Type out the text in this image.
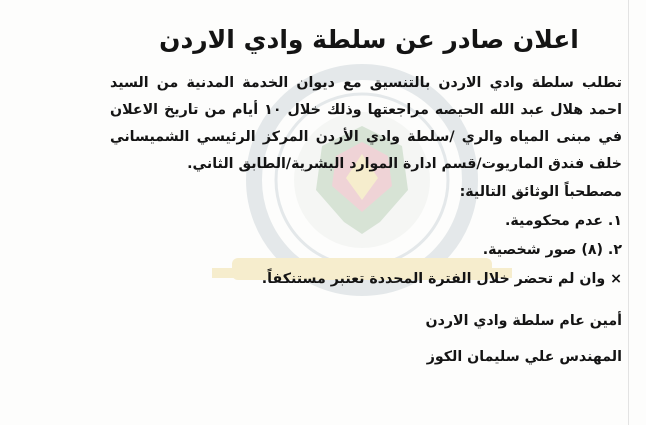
اعلان صادر عن سلطة وادي الاردن

تطلب سلطة وادي الاردن بالتنسيق مع ديوان الخدمة المدنية من السيد احمد هلال عبد الله الحيصه مراجعتها وذلك خلال ١٠ أيام من تاريخ الاعلان في مبنى المياه والري /سلطة وادي الأردن المركز الرئيسي الشميساني خلف فندق الماريوت/قسم ادارة الموارد البشرية/الطابق الثاني.

مصطحباً الوثائق التالية:

١. عدم محكومية.

٢. (٨) صور شخصية.

× وان لم تحضر خلال الفترة المحددة تعتبر مستنكفاً.

أمين عام سلطة وادي الاردن

المهندس علي سليمان الكوز
